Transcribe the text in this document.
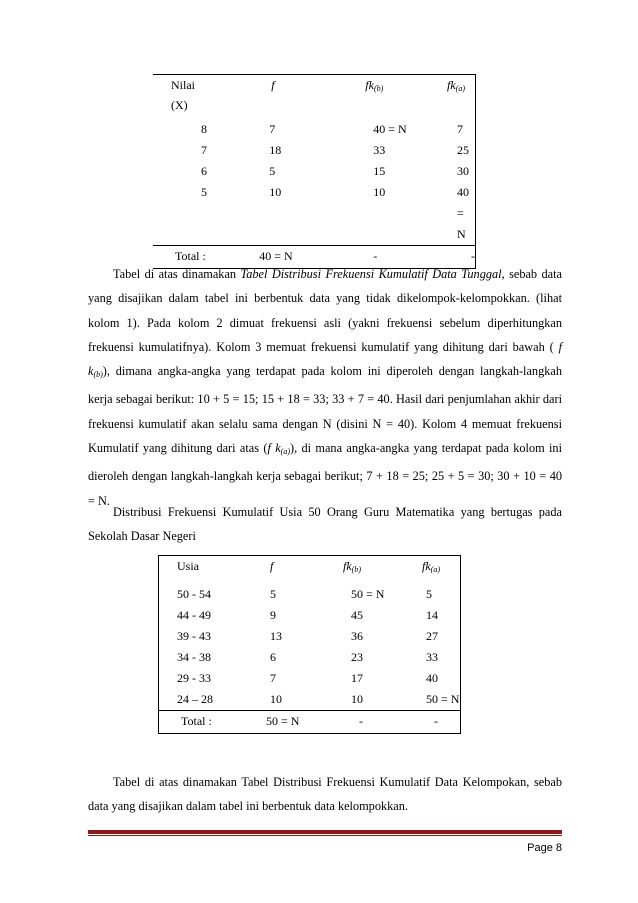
Nilai
(X)	f	$fk_{(b)}$	$fk_{(a)}$
8	7	40 = N	7
7	18	33	25
6	5	15	30
5	10	10	40 = N
Total :	40 = N	-	-

Tabel di atas dinamakan Tabel Distribusi Frekuensi Kumulatif Data Tunggal, sebab data yang disajikan dalam tabel ini berbentuk data yang tidak dikelompok-kelompokkan. (lihat kolom 1). Pada kolom 2 dimuat frekuensi asli (yakni frekuensi sebelum diperhitungkan frekuensi kumulatifnya). Kolom 3 memuat frekuensi kumulatif yang dihitung dari bawah ( f $k_{(b)}$), dimana angka-angka yang terdapat pada kolom ini diperoleh dengan langkah-langkah kerja sebagai berikut: 10 + 5 = 15; 15 + 18 = 33; 33 + 7 = 40. Hasil dari penjumlahan akhir dari frekuensi kumulatif akan selalu sama dengan N (disini N = 40). Kolom 4 memuat frekuensi Kumulatif yang dihitung dari atas (f $k_{(a)}$), di mana angka-angka yang terdapat pada kolom ini dieroleh dengan langkah-langkah kerja sebagai berikut; 7 + 18 = 25; 25 + 5 = 30; 30 + 10 = 40 = N.

Distribusi Frekuensi Kumulatif Usia 50 Orang Guru Matematika yang bertugas pada Sekolah Dasar Negeri

Usia	f	$fk_{(b)}$	$fk_{(a)}$
50 - 54	5	50 = N	5
44 - 49	9	45	14
39 - 43	13	36	27
34 - 38	6	23	33
29 - 33	7	17	40
24 – 28	10	10	50 = N
Total :	50 = N	-	-

Tabel di atas dinamakan Tabel Distribusi Frekuensi Kumulatif Data Kelompokan, sebab data yang disajikan dalam tabel ini berbentuk data kelompokkan.

Page 8
